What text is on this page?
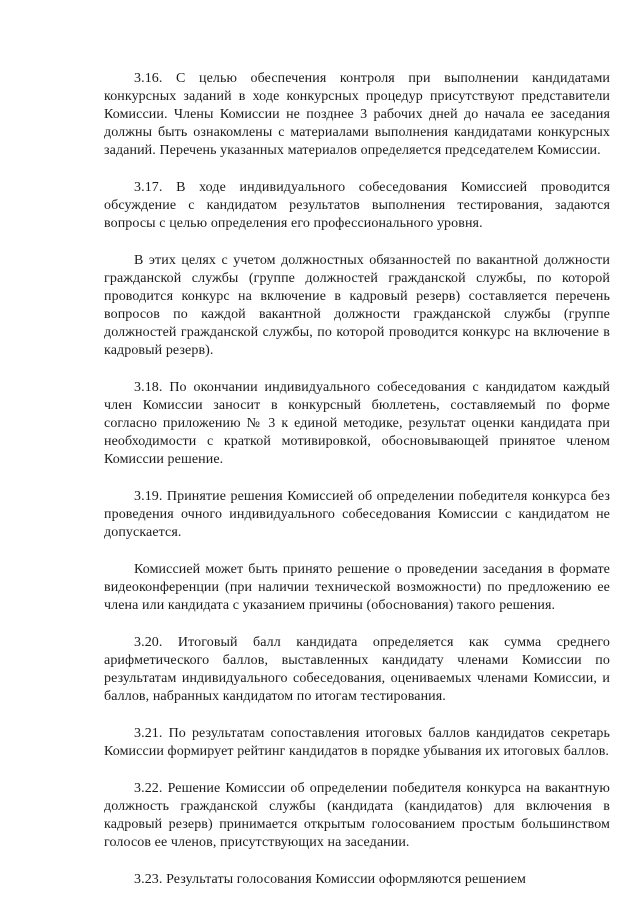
3.16. С целью обеспечения контроля при выполнении кандидатами конкурсных заданий в ходе конкурсных процедур присутствуют представители Комиссии. Члены Комиссии не позднее 3 рабочих дней до начала ее заседания должны быть ознакомлены с материалами выполнения кандидатами конкурсных заданий. Перечень указанных материалов определяется председателем Комиссии.

3.17. В ходе индивидуального собеседования Комиссией проводится обсуждение с кандидатом результатов выполнения тестирования, задаются вопросы с целью определения его профессионального уровня.

В этих целях с учетом должностных обязанностей по вакантной должности гражданской службы (группе должностей гражданской службы, по которой проводится конкурс на включение в кадровый резерв) составляется перечень вопросов по каждой вакантной должности гражданской службы (группе должностей гражданской службы, по которой проводится конкурс на включение в кадровый резерв).

3.18. По окончании индивидуального собеседования с кандидатом каждый член Комиссии заносит в конкурсный бюллетень, составляемый по форме согласно приложению № 3 к единой методике, результат оценки кандидата при необходимости с краткой мотивировкой, обосновывающей принятое членом Комиссии решение.

3.19. Принятие решения Комиссией об определении победителя конкурса без проведения очного индивидуального собеседования Комиссии с кандидатом не допускается.

Комиссией может быть принято решение о проведении заседания в формате видеоконференции (при наличии технической возможности) по предложению ее члена или кандидата с указанием причины (обоснования) такого решения.

3.20. Итоговый балл кандидата определяется как сумма среднего арифметического баллов, выставленных кандидату членами Комиссии по результатам индивидуального собеседования, оцениваемых членами Комиссии, и баллов, набранных кандидатом по итогам тестирования.

3.21. По результатам сопоставления итоговых баллов кандидатов секретарь Комиссии формирует рейтинг кандидатов в порядке убывания их итоговых баллов.

3.22. Решение Комиссии об определении победителя конкурса на вакантную должность гражданской службы (кандидата (кандидатов) для включения в кадровый резерв) принимается открытым голосованием простым большинством голосов ее членов, присутствующих на заседании.

3.23. Результаты голосования Комиссии оформляются решением
